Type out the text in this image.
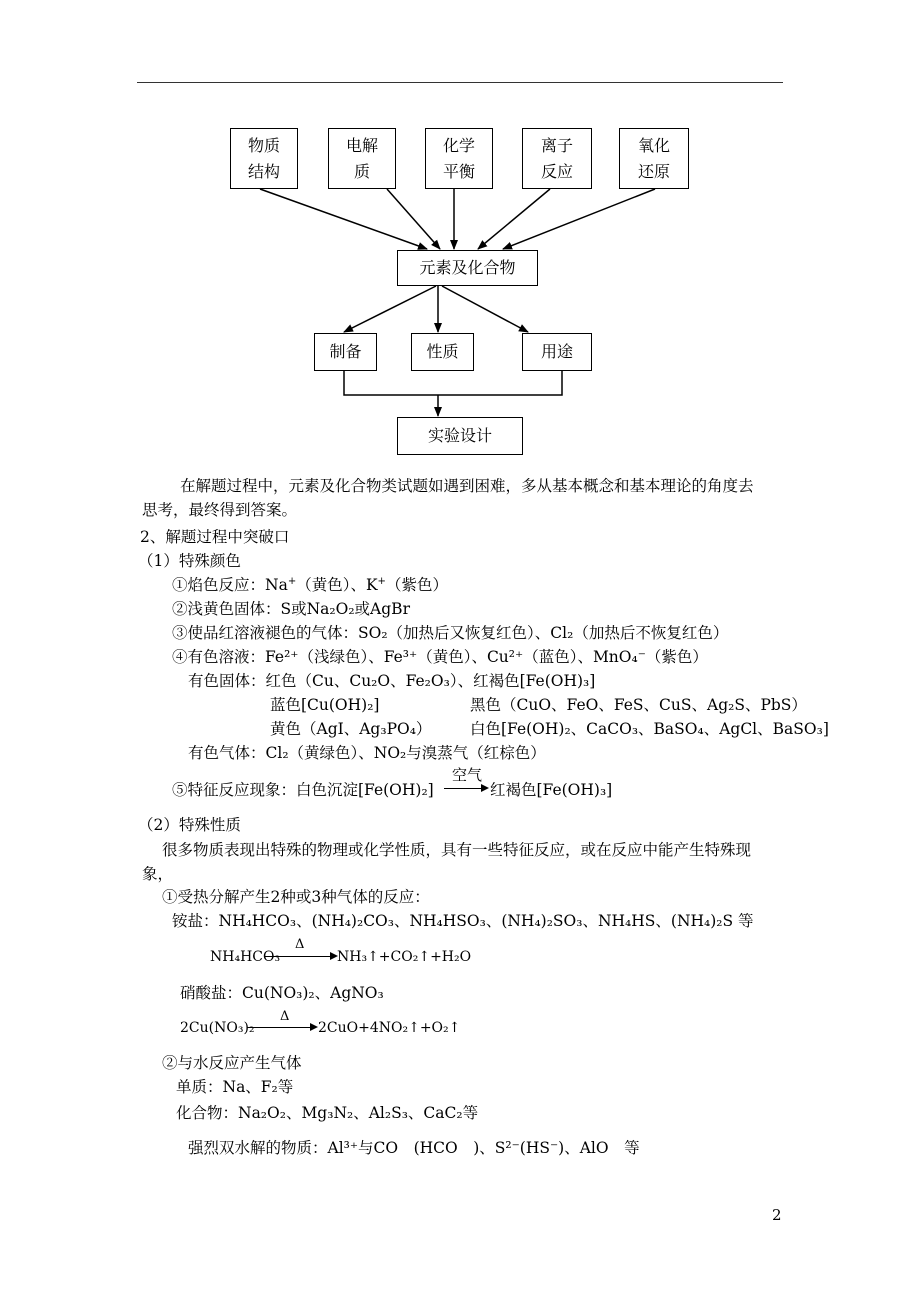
物质
结构
电解
质
化学
平衡
离子
反应
氧化
还原
元素及化合物
制备	性质	用途
实验设计
在解题过程中，元素及化合物类试题如遇到困难，多从基本概念和基本理论的角度去
思考，最终得到答案。
2、解题过程中突破口
（1）特殊颜色
①焰色反应：Na+（黄色）、K+（紫色）
②浅黄色固体：S或Na₂O₂或AgBr
③使品红溶液褪色的气体：SO₂（加热后又恢复红色）、Cl₂（加热后不恢复红色）
④有色溶液：Fe²⁺（浅绿色）、Fe³⁺（黄色）、Cu²⁺（蓝色）、MnO₄⁻（紫色）
有色固体：红色（Cu、Cu₂O、Fe₂O₃）、红褐色[Fe(OH)₃]
蓝色[Cu(OH)₂]	黑色（CuO、FeO、FeS、CuS、Ag₂S、PbS）
黄色（AgI、Ag₃PO₄） 白色[Fe(OH)₂、CaCO₃、BaSO₄、AgCl、BaSO₃]
有色气体：Cl₂（黄绿色）、NO₂与溴蒸气（红棕色）
⑤特征反应现象：白色沉淀[Fe(OH)₂]
空气
红褐色[Fe(OH)₃]
（2）特殊性质
很多物质表现出特殊的物理或化学性质，具有一些特征反应，或在反应中能产生特殊现
象，
①受热分解产生2种或3种气体的反应：
铵盐：NH₄HCO₃、(NH₄)₂CO₃、NH₄HSO₃、(NH₄)₂SO₃、NH₄HS、(NH₄)₂S 等
NH₄HCO₃
Δ
NH₃↑+CO₂↑+H₂O
硝酸盐：Cu(NO₃)₂、AgNO₃
2Cu(NO₃)₂
Δ
2CuO+4NO₂↑+O₂↑
②与水反应产生气体
单质：Na、F₂等
化合物：Na₂O₂、Mg₃N₂、Al₂S₃、CaC₂等
强烈双水解的物质：Al³⁺与CO　(HCO　)、S²⁻(HS⁻)、AlO　等
2
